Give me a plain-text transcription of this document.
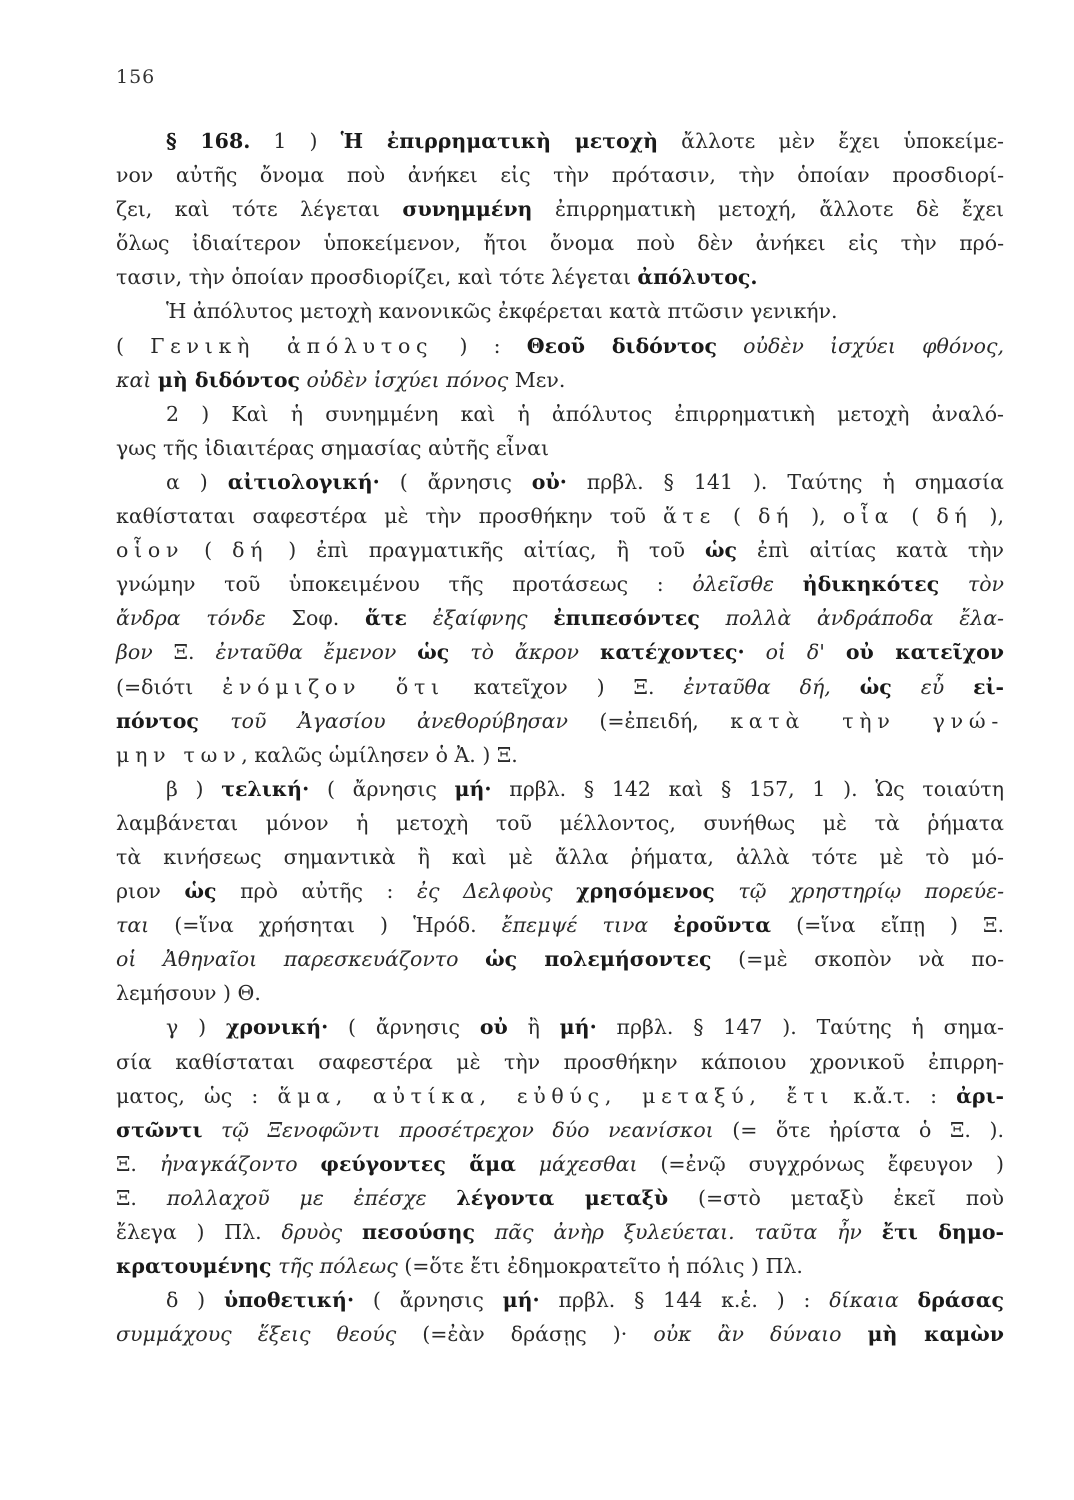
156
§ 168. 1 ) Ἡ ἐπιρρηματικὴ μετοχὴ ἄλλοτε μὲν ἔχει ὑποκείμε-
νον αὐτῆς ὄνομα ποὺ ἀνήκει εἰς τὴν πρότασιν, τὴν ὁποίαν προσδιορί-
ζει, καὶ τότε λέγεται συνημμένη ἐπιρρηματικὴ μετοχή, ἄλλοτε δὲ ἔχει
ὅλως ἰδιαίτερον ὑποκείμενον, ἤτοι ὄνομα ποὺ δὲν ἀνήκει εἰς τὴν πρό-
τασιν, τὴν ὁποίαν προσδιορίζει, καὶ τότε λέγεται ἀπόλυτος.
Ἡ ἀπόλυτος μετοχὴ κανονικῶς ἐκφέρεται κατὰ πτῶσιν γενικήν.
( Γενικὴ ἀπόλυτος ) : Θεοῦ διδόντος οὐδὲν ἰσχύει φθόνος,
καὶ μὴ διδόντος οὐδὲν ἰσχύει πόνος Μεν.
2 ) Καὶ ἡ συνημμένη καὶ ἡ ἀπόλυτος ἐπιρρηματικὴ μετοχὴ ἀναλό-
γως τῆς ἰδιαιτέρας σημασίας αὐτῆς εἶναι
α ) αἰτιολογική· ( ἄρνησις οὐ· πρβλ. § 141 ). Ταύτης ἡ σημασία
καθίσταται σαφεστέρα μὲ τὴν προσθήκην τοῦ ἅτε ( δή ), οἷα ( δή ),
οἷον ( δή ) ἐπὶ πραγματικῆς αἰτίας, ἢ τοῦ ὡς ἐπὶ αἰτίας κατὰ τὴν
γνώμην τοῦ ὑποκειμένου τῆς προτάσεως : ὀλεῖσθε ἠδικηκότες τὸν
ἄνδρα τόνδε Σοφ. ἅτε ἐξαίφνης ἐπιπεσόντες πολλὰ ἀνδράποδα ἔλα-
βον Ξ. ἐνταῦθα ἔμενον ὡς τὸ ἄκρον κατέχοντες· οἱ δ' οὐ κατεῖχον
(=διότι ἐνόμιζον ὅτι κατεῖχον ) Ξ. ἐνταῦθα δή, ὡς εὖ εἰ-
πόντος τοῦ Ἀγασίου ἀνεθορύβησαν (=ἐπειδή, κατὰ τὴν γνώ-
μην των, καλῶς ὡμίλησεν ὁ Ἀ. ) Ξ.
β ) τελική· ( ἄρνησις μή· πρβλ. § 142 καὶ § 157, 1 ). Ὡς τοιαύτη
λαμβάνεται μόνον ἡ μετοχὴ τοῦ μέλλοντος, συνήθως μὲ τὰ ῥήματα
τὰ κινήσεως σημαντικὰ ἢ καὶ μὲ ἄλλα ῥήματα, ἀλλὰ τότε μὲ τὸ μό-
ριον ὡς πρὸ αὐτῆς : ἐς Δελφοὺς χρησόμενος τῷ χρηστηρίῳ πορεύε-
ται (=ἵνα χρήσηται ) Ἡρόδ. ἔπεμψέ τινα ἐροῦντα (=ἵνα εἴπῃ ) Ξ.
οἱ Ἀθηναῖοι παρεσκευάζοντο ὡς πολεμήσοντες (=μὲ σκοπὸν νὰ πο-
λεμήσουν ) Θ.
γ ) χρονική· ( ἄρνησις οὐ ἢ μή· πρβλ. § 147 ). Ταύτης ἡ σημα-
σία καθίσταται σαφεστέρα μὲ τὴν προσθήκην κάποιου χρονικοῦ ἐπιρρη-
ματος, ὡς : ἅμα, αὐτίκα, εὐθύς, μεταξύ, ἔτι κ.ἄ.τ. : ἀρι-
στῶντι τῷ Ξενοφῶντι προσέτρεχον δύο νεανίσκοι (= ὅτε ἠρίστα ὁ Ξ. ).
Ξ. ἠναγκάζοντο φεύγοντες ἅμα μάχεσθαι (=ἐνῷ συγχρόνως ἔφευγον )
Ξ. πολλαχοῦ με ἐπέσχε λέγοντα μεταξὺ (=στὸ μεταξὺ ἐκεῖ ποὺ
ἔλεγα ) Πλ. δρυὸς πεσούσης πᾶς ἀνὴρ ξυλεύεται. ταῦτα ἦν ἔτι δημο-
κρατουμένης τῆς πόλεως (=ὅτε ἔτι ἐδημοκρατεῖτο ἡ πόλις ) Πλ.
δ ) ὑποθετική· ( ἄρνησις μή· πρβλ. § 144 κ.ἑ. ) : δίκαια δράσας
συμμάχους ἕξεις θεούς (=ἐὰν δράσῃς )· οὐκ ἂν δύναιο μὴ καμὼν
